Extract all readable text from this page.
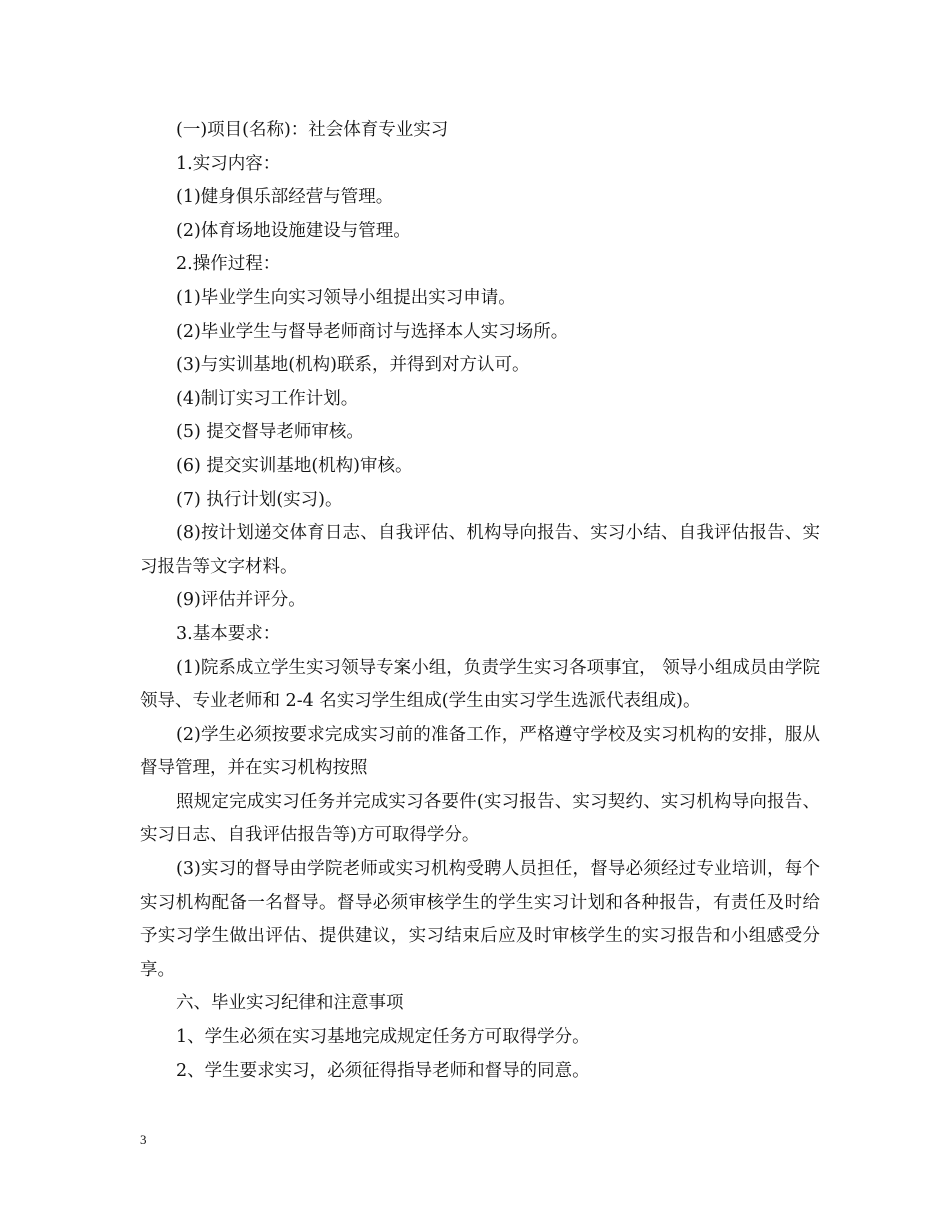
(一)项目(名称)：社会体育专业实习

1.实习内容：

(1)健身俱乐部经营与管理。

(2)体育场地设施建设与管理。

2.操作过程：

(1)毕业学生向实习领导小组提出实习申请。

(2)毕业学生与督导老师商讨与选择本人实习场所。

(3)与实训基地(机构)联系，并得到对方认可。

(4)制订实习工作计划。

(5) 提交督导老师审核。

(6) 提交实训基地(机构)审核。

(7) 执行计划(实习)。

(8)按计划递交体育日志、自我评估、机构导向报告、实习小结、自我评估报告、实习报告等文字材料。

(9)评估并评分。

3.基本要求：

(1)院系成立学生实习领导专案小组，负责学生实习各项事宜， 领导小组成员由学院领导、专业老师和 2-4 名实习学生组成(学生由实习学生选派代表组成)。

(2)学生必须按要求完成实习前的准备工作，严格遵守学校及实习机构的安排，服从督导管理，并在实习机构按照

照规定完成实习任务并完成实习各要件(实习报告、实习契约、实习机构导向报告、实习日志、自我评估报告等)方可取得学分。

(3)实习的督导由学院老师或实习机构受聘人员担任，督导必须经过专业培训，每个实习机构配备一名督导。督导必须审核学生的学生实习计划和各种报告，有责任及时给予实习学生做出评估、提供建议，实习结束后应及时审核学生的实习报告和小组感受分享。

六、毕业实习纪律和注意事项

1、学生必须在实习基地完成规定任务方可取得学分。

2、学生要求实习，必须征得指导老师和督导的同意。

3
